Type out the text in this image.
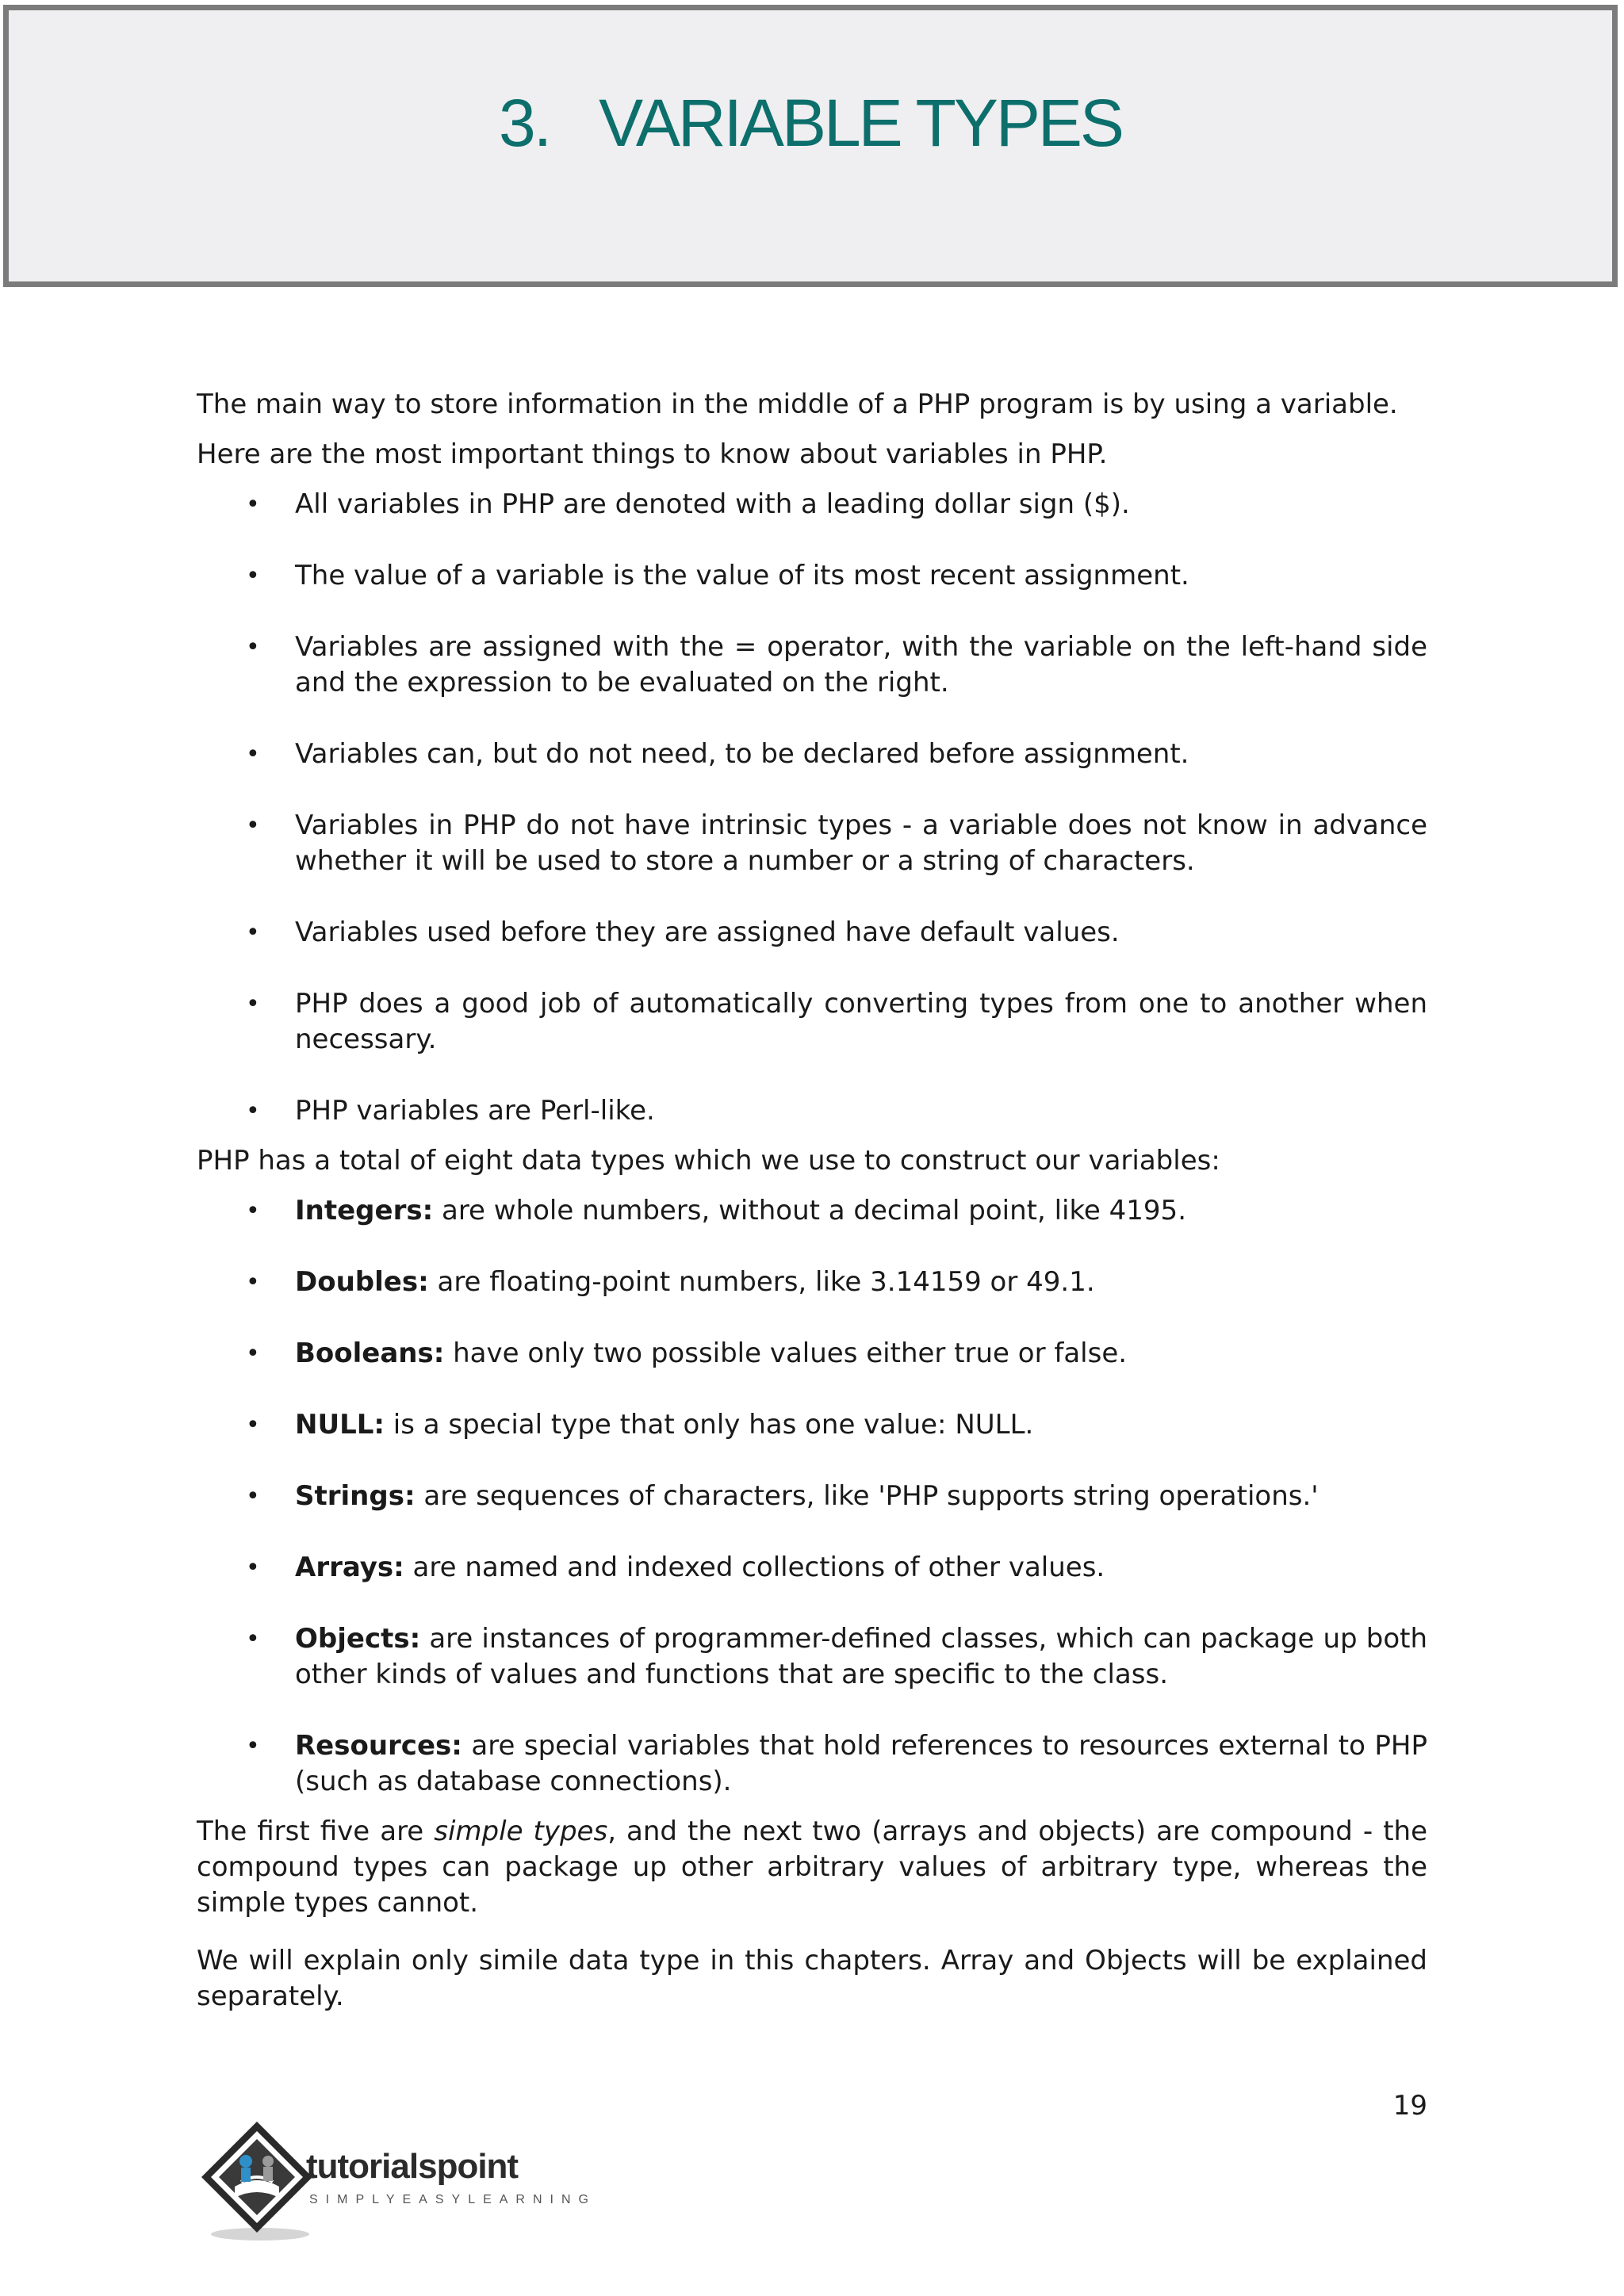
3. VARIABLE TYPES

The main way to store information in the middle of a PHP program is by using a variable.

Here are the most important things to know about variables in PHP.

• All variables in PHP are denoted with a leading dollar sign ($).
• The value of a variable is the value of its most recent assignment.
• Variables are assigned with the = operator, with the variable on the left-hand side and the expression to be evaluated on the right.
• Variables can, but do not need, to be declared before assignment.
• Variables in PHP do not have intrinsic types - a variable does not know in advance whether it will be used to store a number or a string of characters.
• Variables used before they are assigned have default values.
• PHP does a good job of automatically converting types from one to another when necessary.
• PHP variables are Perl-like.

PHP has a total of eight data types which we use to construct our variables:

• Integers: are whole numbers, without a decimal point, like 4195.
• Doubles: are floating-point numbers, like 3.14159 or 49.1.
• Booleans: have only two possible values either true or false.
• NULL: is a special type that only has one value: NULL.
• Strings: are sequences of characters, like 'PHP supports string operations.'
• Arrays: are named and indexed collections of other values.
• Objects: are instances of programmer-defined classes, which can package up both other kinds of values and functions that are specific to the class.
• Resources: are special variables that hold references to resources external to PHP (such as database connections).

The first five are simple types, and the next two (arrays and objects) are compound - the compound types can package up other arbitrary values of arbitrary type, whereas the simple types cannot.

We will explain only simile data type in this chapters. Array and Objects will be explained separately.

19
tutorialspoint
SIMPLYEASYLEARNING
